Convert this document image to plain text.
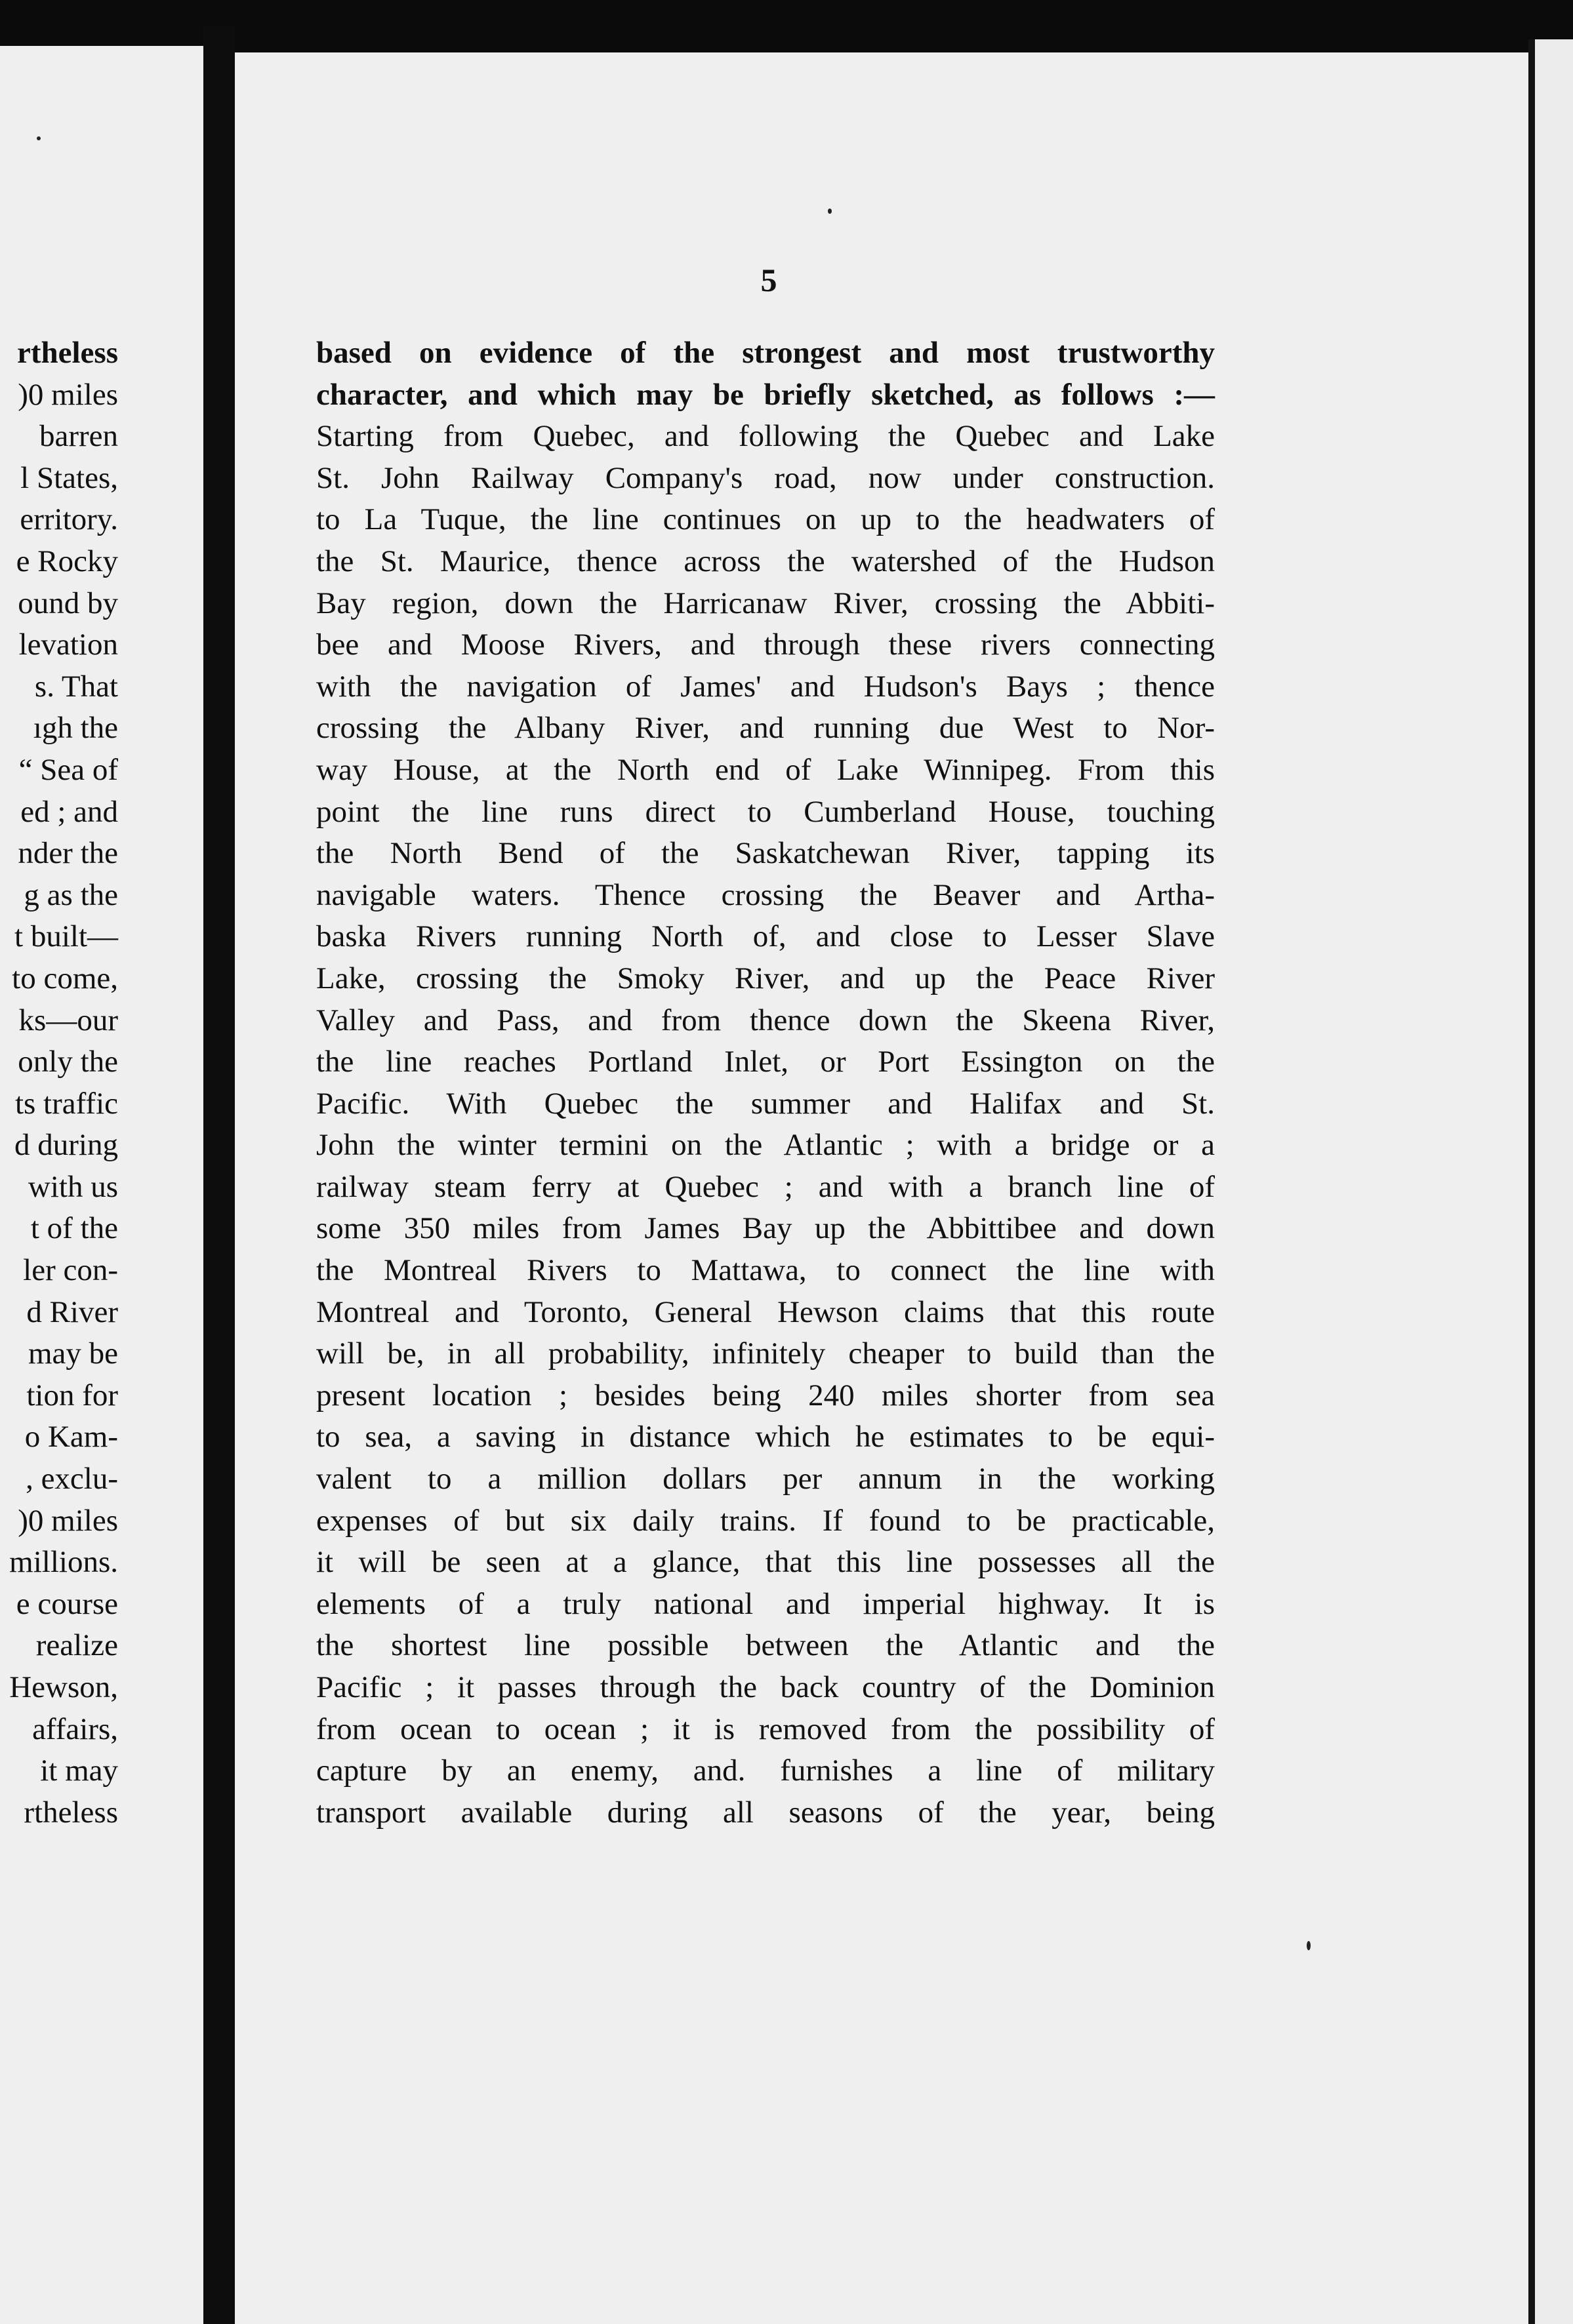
rtheless
)0 miles
barren
l States,
erritory.
e Rocky
ound by
levation
s. That
ıgh the
“ Sea of
ed ; and
nder the
g as the
t built—
to come,
ks—our
only the
ts traffic
d during
with us
t of the
ler con-
d River
may be
tion for
o Kam-
, exclu-
)0 miles
millions.
e course
realize
Hewson,
affairs,
it may
rtheless
5
based on evidence of the strongest and most trustworthy
character, and which may be briefly sketched, as follows :—
Starting from Quebec, and following the Quebec and Lake
St. John Railway Company's road, now under construction.
to La Tuque, the line continues on up to the headwaters of
the St. Maurice, thence across the watershed of the Hudson
Bay region, down the Harricanaw River, crossing the Abbiti-
bee and Moose Rivers, and through these rivers connecting
with the navigation of James' and Hudson's Bays ; thence
crossing the Albany River, and running due West to Nor-
way House, at the North end of Lake Winnipeg. From this
point the line runs direct to Cumberland House, touching
the North Bend of the Saskatchewan River, tapping its
navigable waters. Thence crossing the Beaver and Artha-
baska Rivers running North of, and close to Lesser Slave
Lake, crossing the Smoky River, and up the Peace River
Valley and Pass, and from thence down the Skeena River,
the line reaches Portland Inlet, or Port Essington on the
Pacific. With Quebec the summer and Halifax and St.
John the winter termini on the Atlantic ; with a bridge or a
railway steam ferry at Quebec ; and with a branch line of
some 350 miles from James Bay up the Abbittibee and down
the Montreal Rivers to Mattawa, to connect the line with
Montreal and Toronto, General Hewson claims that this route
will be, in all probability, infinitely cheaper to build than the
present location ; besides being 240 miles shorter from sea
to sea, a saving in distance which he estimates to be equi-
valent to a million dollars per annum in the working
expenses of but six daily trains. If found to be practicable,
it will be seen at a glance, that this line possesses all the
elements of a truly national and imperial highway. It is
the shortest line possible between the Atlantic and the
Pacific ; it passes through the back country of the Dominion
from ocean to ocean ; it is removed from the possibility of
capture by an enemy, and. furnishes a line of military
transport available during all seasons of the year, being
